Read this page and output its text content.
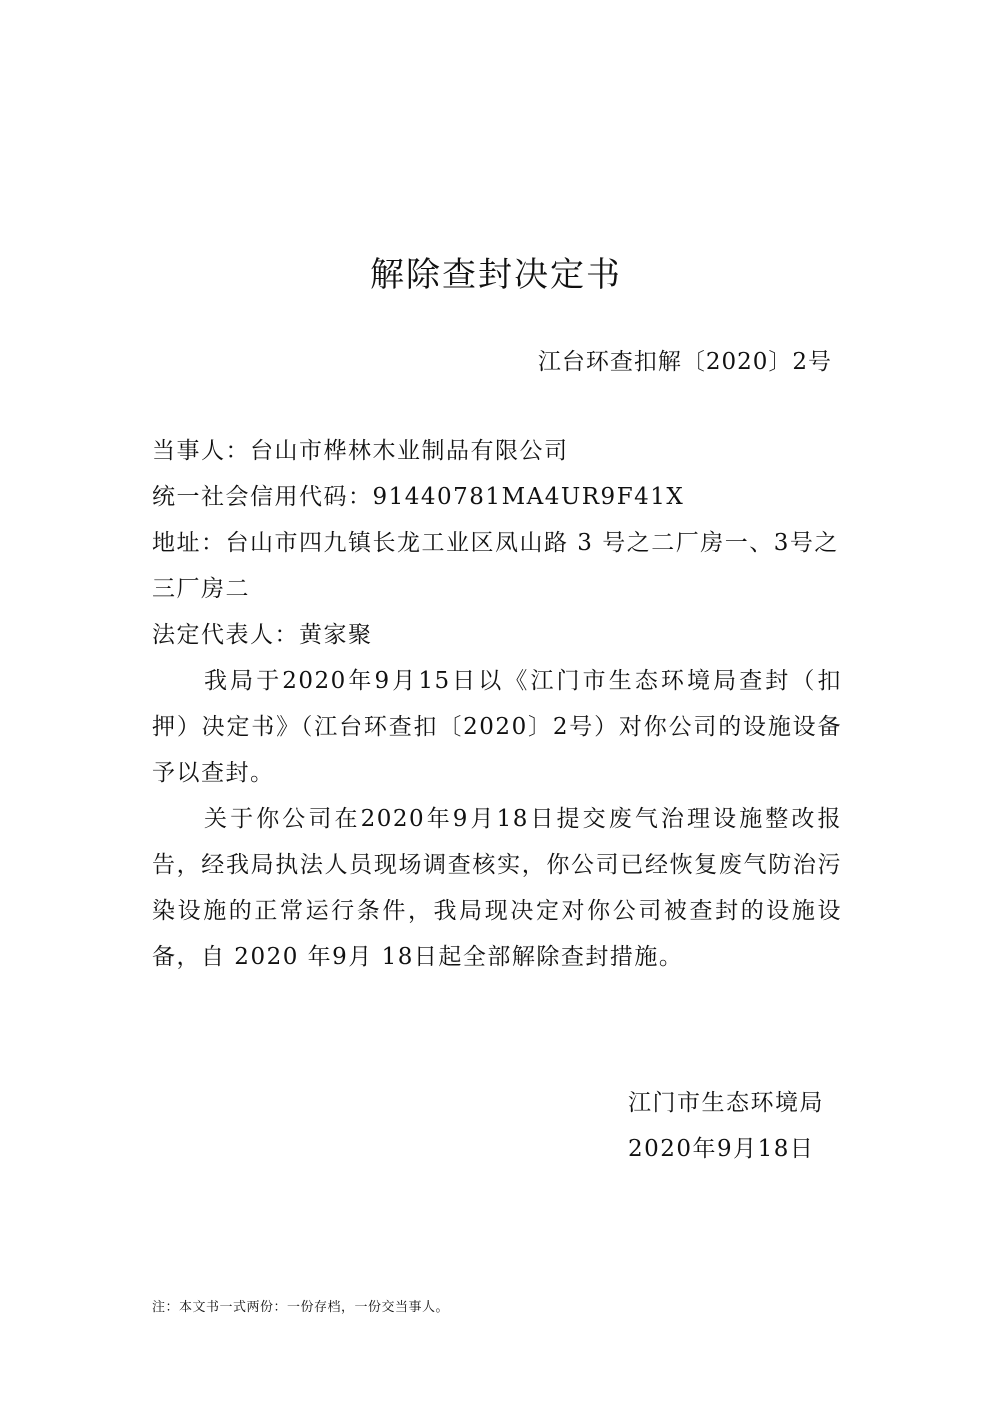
解除查封决定书
江台环查扣解〔2020〕2号

当事人：台山市桦林木业制品有限公司

统一社会信用代码：91440781MA4UR9F41X

地址：台山市四九镇长龙工业区凤山路 3 号之二厂房一、3号之三厂房二

法定代表人：黄家聚

我局于2020年9月15日以《江门市生态环境局查封（扣押）决定书》（江台环查扣〔2020〕2号）对你公司的设施设备予以查封。

关于你公司在2020年9月18日提交废气治理设施整改报告，经我局执法人员现场调查核实，你公司已经恢复废气防治污染设施的正常运行条件，我局现决定对你公司被查封的设施设备，自 2020 年9月 18日起全部解除查封措施。

江门市生态环境局
2020年9月18日
注：本文书一式两份：一份存档，一份交当事人。
